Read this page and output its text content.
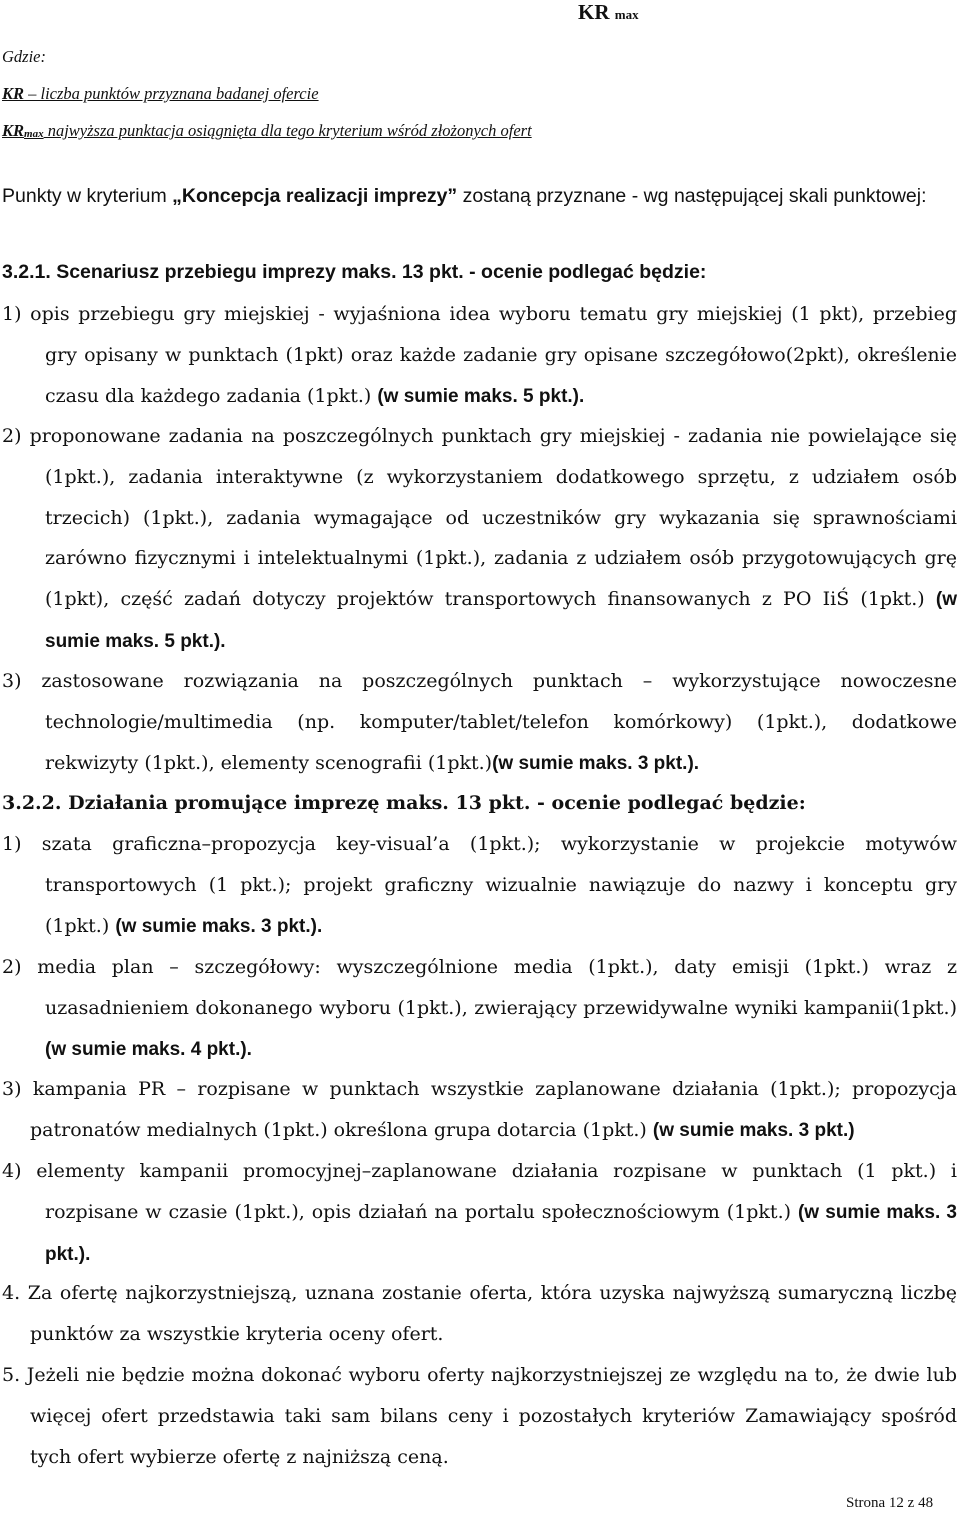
KR max
Gdzie:
KR – liczba punktów przyznana badanej ofercie
$KR_{max}$ najwyższa punktacja osiągnięta dla tego kryterium wśród złożonych ofert
Punkty w kryterium „Koncepcja realizacji imprezy” zostaną przyznane - wg następującej skali punktowej:
3.2.1. Scenariusz przebiegu imprezy maks. 13 pkt. - ocenie podlegać będzie:
1) opis przebiegu gry miejskiej - wyjaśniona idea wyboru tematu gry miejskiej (1 pkt), przebieg gry opisany w punktach (1pkt) oraz każde zadanie gry opisane szczegółowo(2pkt), określenie czasu dla każdego zadania (1pkt.) (w sumie maks. 5 pkt.).
2) proponowane zadania na poszczególnych punktach gry miejskiej - zadania nie powielające się (1pkt.), zadania interaktywne (z wykorzystaniem dodatkowego sprzętu, z udziałem osób trzecich) (1pkt.), zadania wymagające od uczestników gry wykazania się sprawnościami zarówno fizycznymi i intelektualnymi (1pkt.), zadania z udziałem osób przygotowujących grę (1pkt), część zadań dotyczy projektów transportowych finansowanych z PO IiŚ (1pkt.) (w sumie maks. 5 pkt.).
3) zastosowane rozwiązania na poszczególnych punktach – wykorzystujące nowoczesne technologie/multimedia (np. komputer/tablet/telefon komórkowy) (1pkt.), dodatkowe rekwizyty (1pkt.), elementy scenografii (1pkt.)(w sumie maks. 3 pkt.).
3.2.2. Działania promujące imprezę maks. 13 pkt. - ocenie podlegać będzie:
1) szata graficzna–propozycja key-visual’a (1pkt.); wykorzystanie w projekcie motywów transportowych (1 pkt.); projekt graficzny wizualnie nawiązuje do nazwy i konceptu gry (1pkt.) (w sumie maks. 3 pkt.).
2) media plan – szczegółowy: wyszczególnione media (1pkt.), daty emisji (1pkt.) wraz z uzasadnieniem dokonanego wyboru (1pkt.), zwierający przewidywalne wyniki kampanii(1pkt.) (w sumie maks. 4 pkt.).
3) kampania PR – rozpisane w punktach wszystkie zaplanowane działania (1pkt.); propozycja patronatów medialnych (1pkt.) określona grupa dotarcia (1pkt.) (w sumie maks. 3 pkt.)
4) elementy kampanii promocyjnej–zaplanowane działania rozpisane w punktach (1 pkt.) i rozpisane w czasie (1pkt.), opis działań na portalu społecznościowym (1pkt.) (w sumie maks. 3 pkt.).
4. Za ofertę najkorzystniejszą, uznana zostanie oferta, która uzyska najwyższą sumaryczną liczbę punktów za wszystkie kryteria oceny ofert.
5. Jeżeli nie będzie można dokonać wyboru oferty najkorzystniejszej ze względu na to, że dwie lub więcej ofert przedstawia taki sam bilans ceny i pozostałych kryteriów Zamawiający spośród tych ofert wybierze ofertę z najniższą ceną.
Strona 12 z 48
